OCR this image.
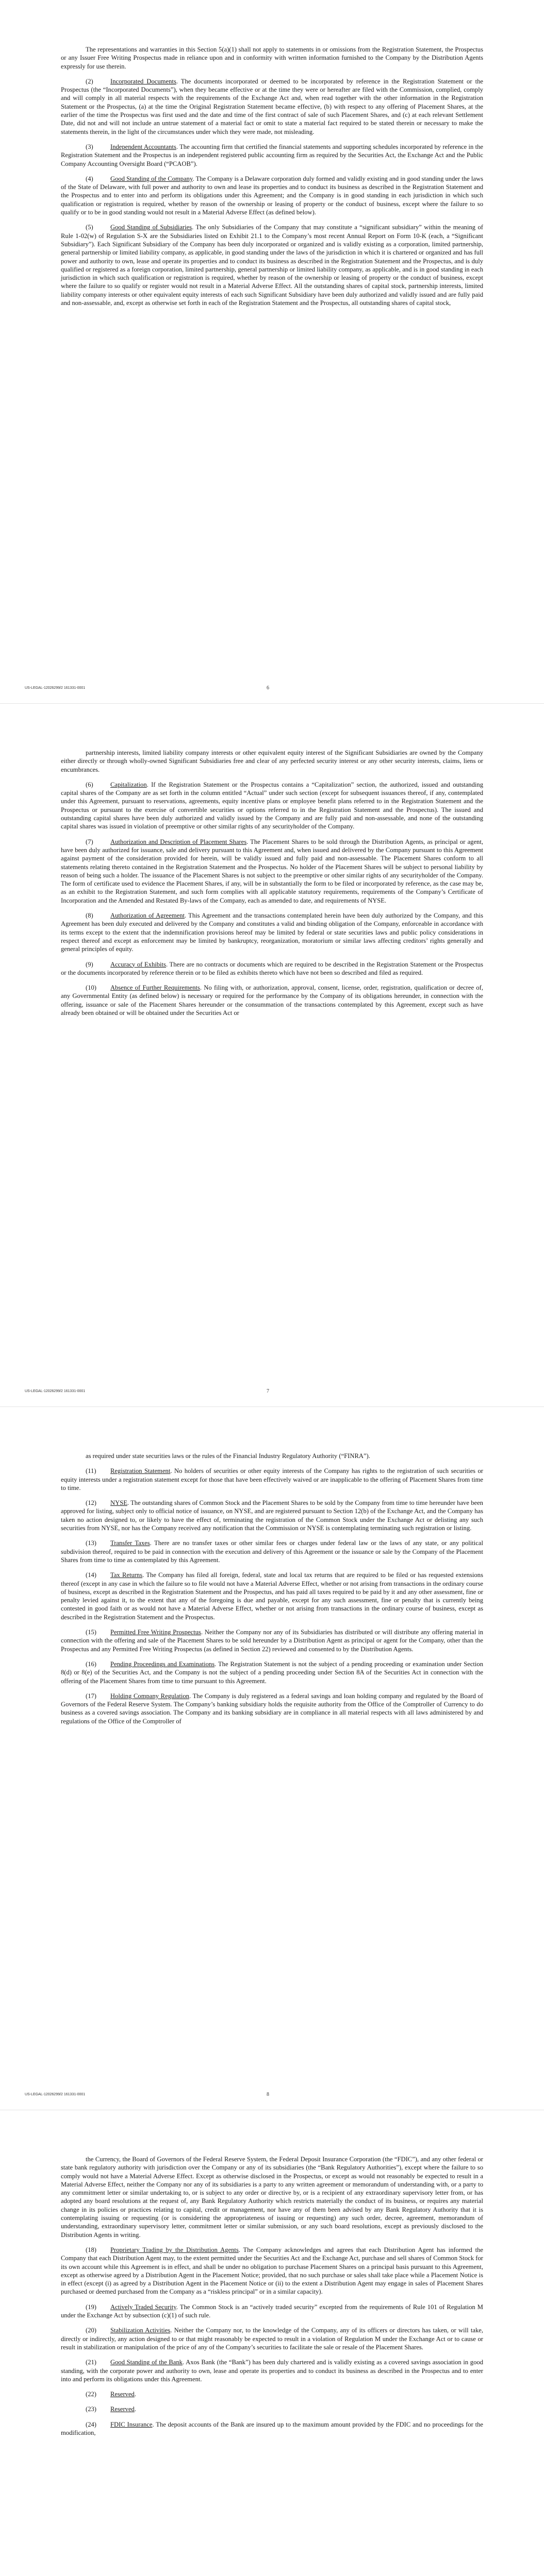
The representations and warranties in this Section 5(a)(1) shall not apply to statements in or omissions from the Registration Statement, the Prospectus or any Issuer Free Writing Prospectus made in reliance upon and in conformity with written information furnished to the Company by the Distribution Agents expressly for use therein.

(2)	Incorporated Documents. The documents incorporated or deemed to be incorporated by reference in the Registration Statement or the Prospectus (the “Incorporated Documents”), when they became effective or at the time they were or hereafter are filed with the Commission, complied, comply and will comply in all material respects with the requirements of the Exchange Act and, when read together with the other information in the Registration Statement or the Prospectus, (a) at the time the Original Registration Statement became effective, (b) with respect to any offering of Placement Shares, at the earlier of the time the Prospectus was first used and the date and time of the first contract of sale of such Placement Shares, and (c) at each relevant Settlement Date, did not and will not include an untrue statement of a material fact or omit to state a material fact required to be stated therein or necessary to make the statements therein, in the light of the circumstances under which they were made, not misleading.

(3)	Independent Accountants. The accounting firm that certified the financial statements and supporting schedules incorporated by reference in the Registration Statement and the Prospectus is an independent registered public accounting firm as required by the Securities Act, the Exchange Act and the Public Company Accounting Oversight Board (“PCAOB”).

(4)	Good Standing of the Company. The Company is a Delaware corporation duly formed and validly existing and in good standing under the laws of the State of Delaware, with full power and authority to own and lease its properties and to conduct its business as described in the Registration Statement and the Prospectus and to enter into and perform its obligations under this Agreement; and the Company is in good standing in each jurisdiction in which such qualification or registration is required, whether by reason of the ownership or leasing of property or the conduct of business, except where the failure to so qualify or to be in good standing would not result in a Material Adverse Effect (as defined below).

(5)	Good Standing of Subsidiaries. The only Subsidiaries of the Company that may constitute a “significant subsidiary” within the meaning of Rule 1-02(w) of Regulation S-X are the Subsidiaries listed on Exhibit 21.1 to the Company’s most recent Annual Report on Form 10-K (each, a “Significant Subsidiary”). Each Significant Subsidiary of the Company has been duly incorporated or organized and is validly existing as a corporation, limited partnership, general partnership or limited liability company, as applicable, in good standing under the laws of the jurisdiction in which it is chartered or organized and has full power and authority to own, lease and operate its properties and to conduct its business as described in the Registration Statement and the Prospectus, and is duly qualified or registered as a foreign corporation, limited partnership, general partnership or limited liability company, as applicable, and is in good standing in each jurisdiction in which such qualification or registration is required, whether by reason of the ownership or leasing of property or the conduct of business, except where the failure to so qualify or register would not result in a Material Adverse Effect. All the outstanding shares of capital stock, partnership interests, limited liability company interests or other equivalent equity interests of each such Significant Subsidiary have been duly authorized and validly issued and are fully paid and non-assessable, and, except as otherwise set forth in each of the Registration Statement and the Prospectus, all outstanding shares of capital stock,

US-LEGAL-12026299/2 161331-0001	6

partnership interests, limited liability company interests or other equivalent equity interest of the Significant Subsidiaries are owned by the Company either directly or through wholly-owned Significant Subsidiaries free and clear of any perfected security interest or any other security interests, claims, liens or encumbrances.

(6)	Capitalization. If the Registration Statement or the Prospectus contains a “Capitalization” section, the authorized, issued and outstanding capital shares of the Company are as set forth in the column entitled “Actual” under such section (except for subsequent issuances thereof, if any, contemplated under this Agreement, pursuant to reservations, agreements, equity incentive plans or employee benefit plans referred to in the Registration Statement and the Prospectus or pursuant to the exercise of convertible securities or options referred to in the Registration Statement and the Prospectus). The issued and outstanding capital shares have been duly authorized and validly issued by the Company and are fully paid and non-assessable, and none of the outstanding capital shares was issued in violation of preemptive or other similar rights of any securityholder of the Company.

(7)	Authorization and Description of Placement Shares. The Placement Shares to be sold through the Distribution Agents, as principal or agent, have been duly authorized for issuance, sale and delivery pursuant to this Agreement and, when issued and delivered by the Company pursuant to this Agreement against payment of the consideration provided for herein, will be validly issued and fully paid and non-assessable. The Placement Shares conform to all statements relating thereto contained in the Registration Statement and the Prospectus. No holder of the Placement Shares will be subject to personal liability by reason of being such a holder. The issuance of the Placement Shares is not subject to the preemptive or other similar rights of any securityholder of the Company. The form of certificate used to evidence the Placement Shares, if any, will be in substantially the form to be filed or incorporated by reference, as the case may be, as an exhibit to the Registration Statement, and such form complies with all applicable statutory requirements, requirements of the Company’s Certificate of Incorporation and the Amended and Restated By-laws of the Company, each as amended to date, and requirements of NYSE.

(8)	Authorization of Agreement. This Agreement and the transactions contemplated herein have been duly authorized by the Company, and this Agreement has been duly executed and delivered by the Company and constitutes a valid and binding obligation of the Company, enforceable in accordance with its terms except to the extent that the indemnification provisions hereof may be limited by federal or state securities laws and public policy considerations in respect thereof and except as enforcement may be limited by bankruptcy, reorganization, moratorium or similar laws affecting creditors’ rights generally and general principles of equity.

(9)	Accuracy of Exhibits. There are no contracts or documents which are required to be described in the Registration Statement or the Prospectus or the documents incorporated by reference therein or to be filed as exhibits thereto which have not been so described and filed as required.

(10) Absence of Further Requirements. No filing with, or authorization, approval, consent, license, order, registration, qualification or decree of, any Governmental Entity (as defined below) is necessary or required for the performance by the Company of its obligations hereunder, in connection with the offering, issuance or sale of the Placement Shares hereunder or the consummation of the transactions contemplated by this Agreement, except such as have already been obtained or will be obtained under the Securities Act or

US-LEGAL-12026299/2 161331-0001	7

as required under state securities laws or the rules of the Financial Industry Regulatory Authority (“FINRA”).

(11) Registration Statement. No holders of securities or other equity interests of the Company has rights to the registration of such securities or equity interests under a registration statement except for those that have been effectively waived or are inapplicable to the offering of Placement Shares from time to time.

(12) NYSE. The outstanding shares of Common Stock and the Placement Shares to be sold by the Company from time to time hereunder have been approved for listing, subject only to official notice of issuance, on NYSE, and are registered pursuant to Section 12(b) of the Exchange Act, and the Company has taken no action designed to, or likely to have the effect of, terminating the registration of the Common Stock under the Exchange Act or delisting any such securities from NYSE, nor has the Company received any notification that the Commission or NYSE is contemplating terminating such registration or listing.

(13) Transfer Taxes. There are no transfer taxes or other similar fees or charges under federal law or the laws of any state, or any political subdivision thereof, required to be paid in connection with the execution and delivery of this Agreement or the issuance or sale by the Company of the Placement Shares from time to time as contemplated by this Agreement.

(14) Tax Returns. The Company has filed all foreign, federal, state and local tax returns that are required to be filed or has requested extensions thereof (except in any case in which the failure so to file would not have a Material Adverse Effect, whether or not arising from transactions in the ordinary course of business, except as described in the Registration Statement and the Prospectus, and has paid all taxes required to be paid by it and any other assessment, fine or penalty levied against it, to the extent that any of the foregoing is due and payable, except for any such assessment, fine or penalty that is currently being contested in good faith or as would not have a Material Adverse Effect, whether or not arising from transactions in the ordinary course of business, except as described in the Registration Statement and the Prospectus.

(15) Permitted Free Writing Prospectus. Neither the Company nor any of its Subsidiaries has distributed or will distribute any offering material in connection with the offering and sale of the Placement Shares to be sold hereunder by a Distribution Agent as principal or agent for the Company, other than the Prospectus and any Permitted Free Writing Prospectus (as defined in Section 22) reviewed and consented to by the Distribution Agents.

(16) Pending Proceedings and Examinations. The Registration Statement is not the subject of a pending proceeding or examination under Section 8(d) or 8(e) of the Securities Act, and the Company is not the subject of a pending proceeding under Section 8A of the Securities Act in connection with the offering of the Placement Shares from time to time pursuant to this Agreement.

(17) Holding Company Regulation. The Company is duly registered as a federal savings and loan holding company and regulated by the Board of Governors of the Federal Reserve System. The Company’s banking subsidiary holds the requisite authority from the Office of the Comptroller of Currency to do business as a covered savings association. The Company and its banking subsidiary are in compliance in all material respects with all laws administered by and regulations of the Office of the Comptroller of

US-LEGAL-12026299/2 161331-0001	8

the Currency, the Board of Governors of the Federal Reserve System, the Federal Deposit Insurance Corporation (the “FDIC”), and any other federal or state bank regulatory authority with jurisdiction over the Company or any of its subsidiaries (the “Bank Regulatory Authorities”), except where the failure to so comply would not have a Material Adverse Effect. Except as otherwise disclosed in the Prospectus, or except as would not reasonably be expected to result in a Material Adverse Effect, neither the Company nor any of its subsidiaries is a party to any written agreement or memorandum of understanding with, or a party to any commitment letter or similar undertaking to, or is subject to any order or directive by, or is a recipient of any extraordinary supervisory letter from, or has adopted any board resolutions at the request of, any Bank Regulatory Authority which restricts materially the conduct of its business, or requires any material change in its policies or practices relating to capital, credit or management, nor have any of them been advised by any Bank Regulatory Authority that it is contemplating issuing or requesting (or is considering the appropriateness of issuing or requesting) any such order, decree, agreement, memorandum of understanding, extraordinary supervisory letter, commitment letter or similar submission, or any such board resolutions, except as previously disclosed to the Distribution Agents in writing.

(18) Proprietary Trading by the Distribution Agents. The Company acknowledges and agrees that each Distribution Agent has informed the Company that each Distribution Agent may, to the extent permitted under the Securities Act and the Exchange Act, purchase and sell shares of Common Stock for its own account while this Agreement is in effect, and shall be under no obligation to purchase Placement Shares on a principal basis pursuant to this Agreement, except as otherwise agreed by a Distribution Agent in the Placement Notice; provided, that no such purchase or sales shall take place while a Placement Notice is in effect (except (i) as agreed by a Distribution Agent in the Placement Notice or (ii) to the extent a Distribution Agent may engage in sales of Placement Shares purchased or deemed purchased from the Company as a “riskless principal” or in a similar capacity).

(19) Actively Traded Security. The Common Stock is an “actively traded security” excepted from the requirements of Rule 101 of Regulation M under the Exchange Act by subsection (c)(1) of such rule.

(20) Stabilization Activities. Neither the Company nor, to the knowledge of the Company, any of its officers or directors has taken, or will take, directly or indirectly, any action designed to or that might reasonably be expected to result in a violation of Regulation M under the Exchange Act or to cause or result in stabilization or manipulation of the price of any of the Company’s securities to facilitate the sale or resale of the Placement Shares.

(21) Good Standing of the Bank. Axos Bank (the “Bank”) has been duly chartered and is validly existing as a covered savings association in good standing, with the corporate power and authority to own, lease and operate its properties and to conduct its business as described in the Prospectus and to enter into and perform its obligations under this Agreement.

(22) Reserved.

(23) Reserved.

(24) FDIC Insurance. The deposit accounts of the Bank are insured up to the maximum amount provided by the FDIC and no proceedings for the modification,
